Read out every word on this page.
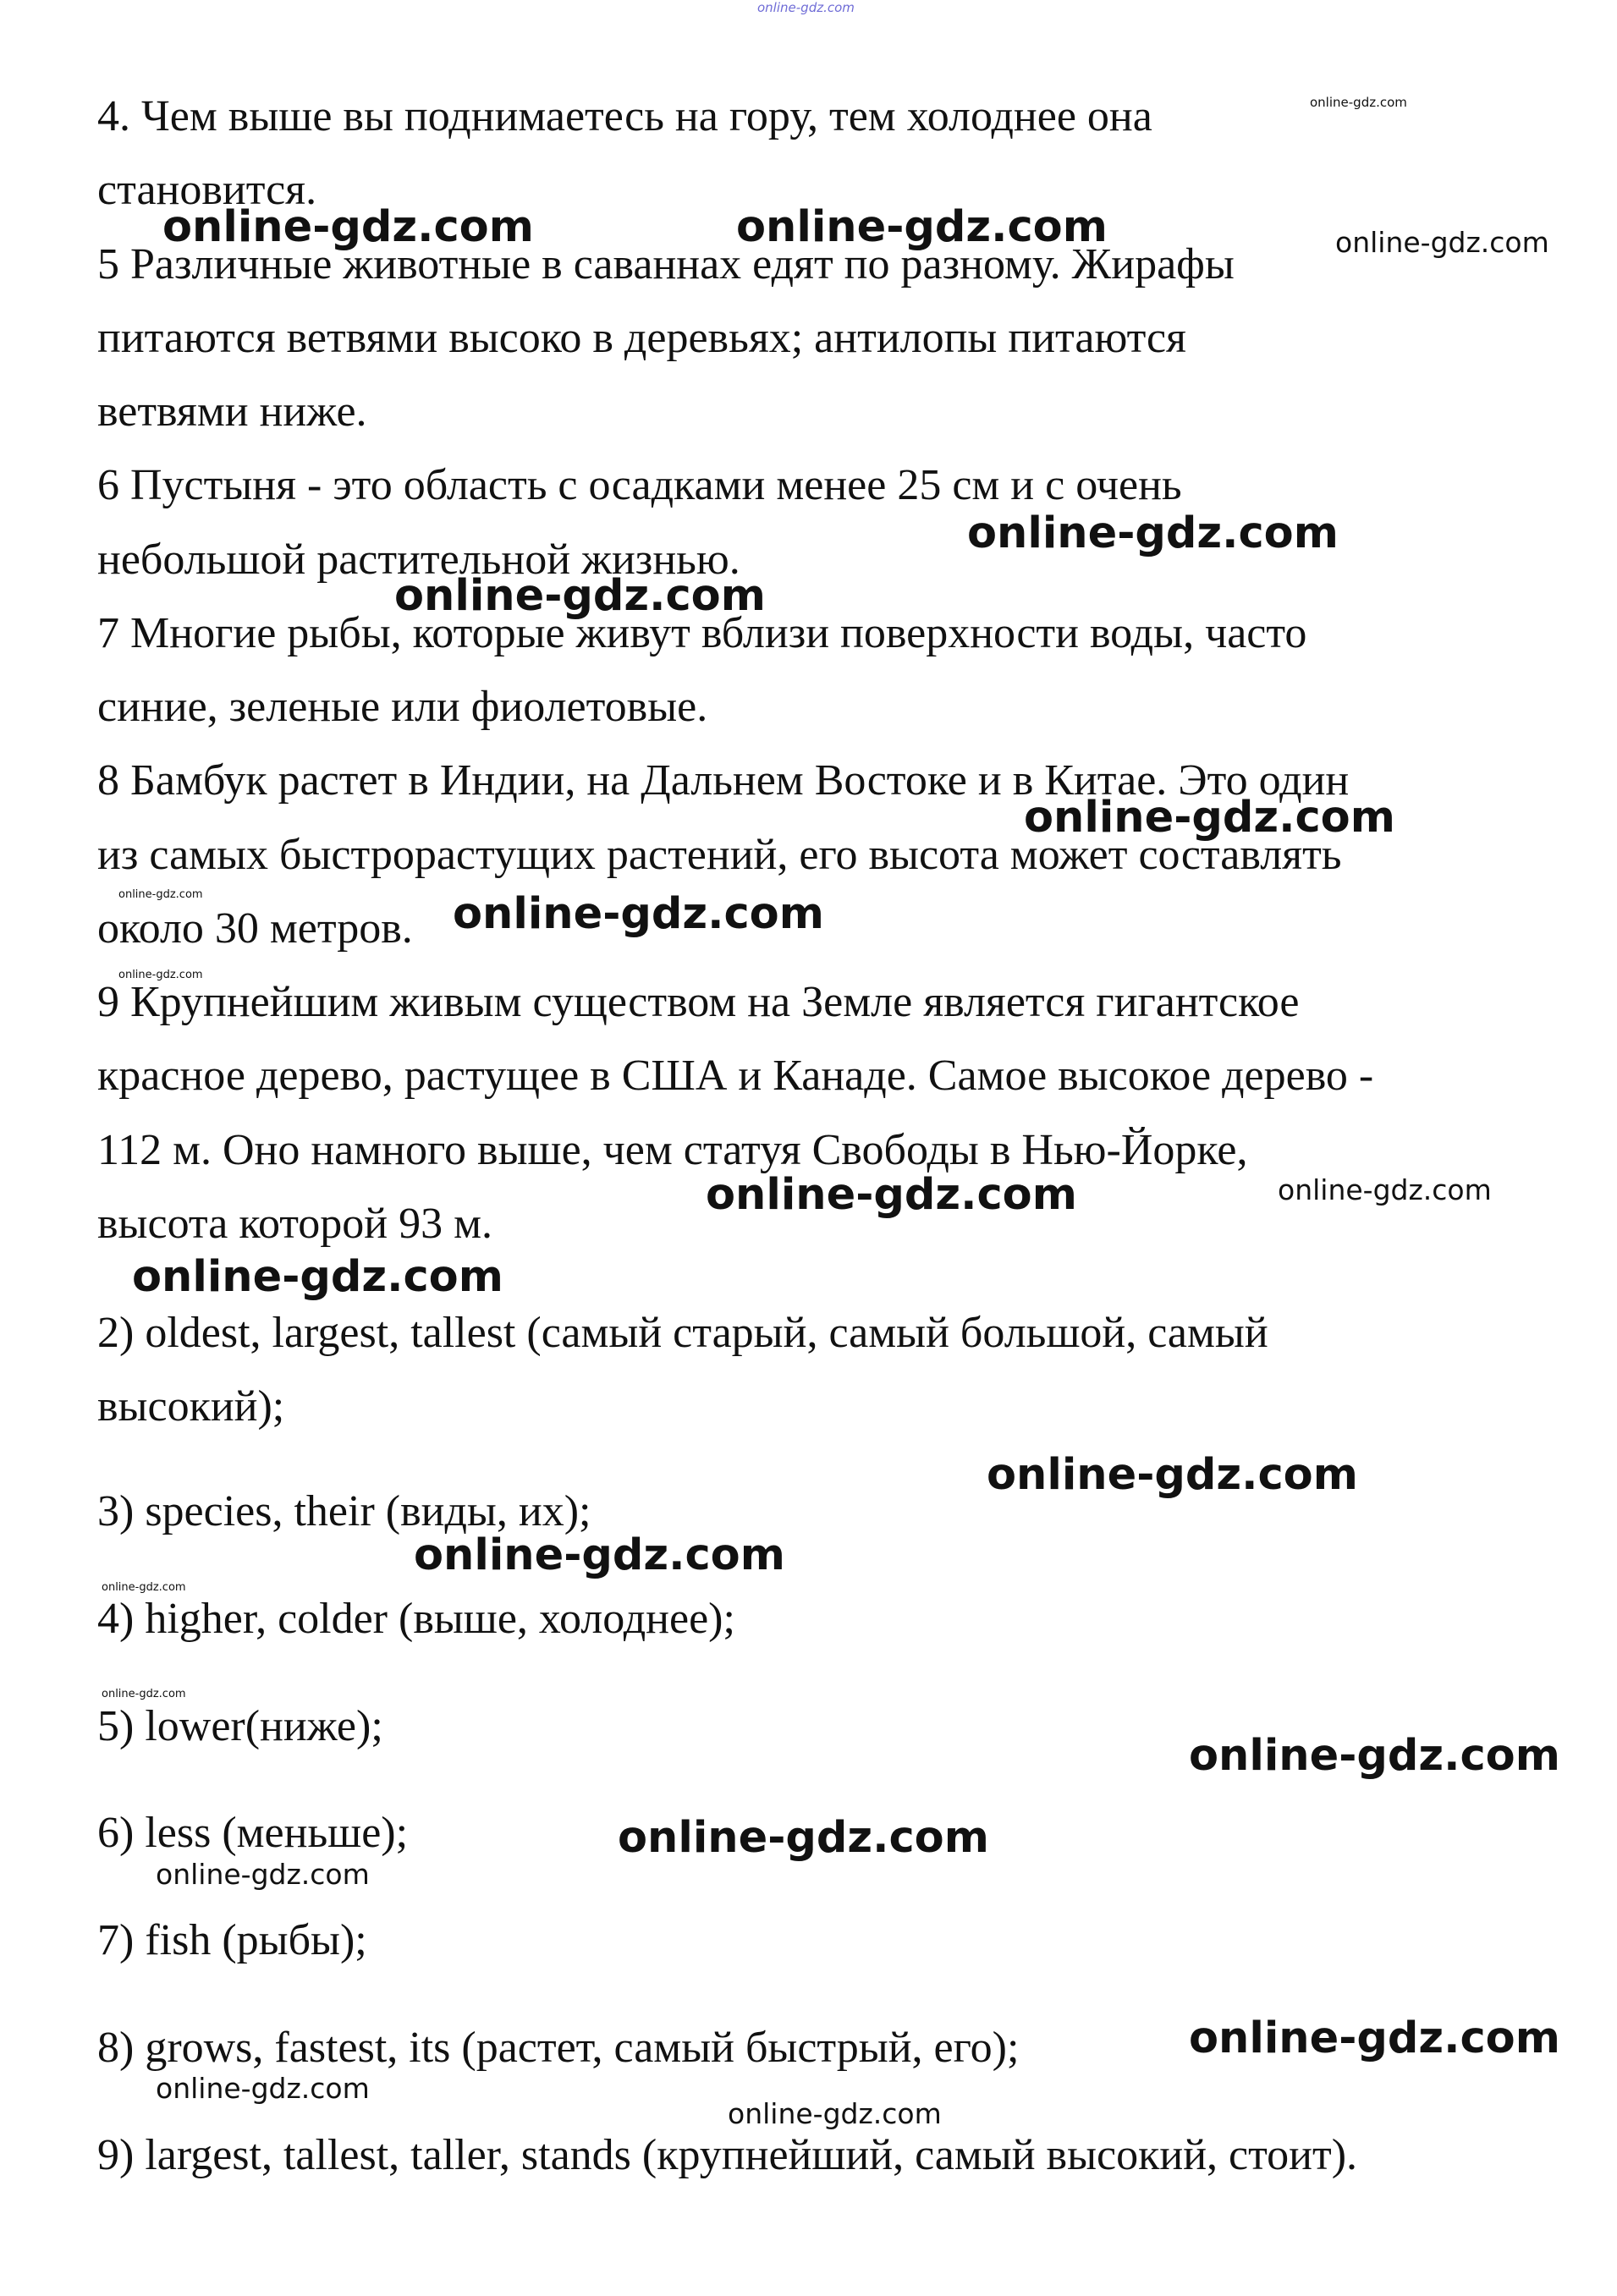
online-gdz.com

4. Чем выше вы поднимаетесь на гору, тем холоднее она

становится.

5 Различные животные в саваннах едят по разному. Жирафы

питаются ветвями высоко в деревьях; антилопы питаются

ветвями ниже.

6 Пустыня - это область с осадками менее 25 см и с очень

небольшой растительной жизнью.

7 Многие рыбы, которые живут вблизи поверхности воды, часто

синие, зеленые или фиолетовые.

8 Бамбук растет в Индии, на Дальнем Востоке и в Китае. Это один

из самых быстрорастущих растений, его высота может составлять

около 30 метров.

9 Крупнейшим живым существом на Земле является гигантское

красное дерево, растущее в США и Канаде. Самое высокое дерево -

112 м. Оно намного выше, чем статуя Свободы в Нью-Йорке,

высота которой 93 м.

2) oldest, largest, tallest (самый старый, самый большой, самый

высокий);

3) species, their (виды, их);

4) higher, colder (выше, холоднее);

5) lower(ниже);

6) less (меньше);

7) fish (рыбы);

8) grows, fastest, its (растет, самый быстрый, его);

9) largest, tallest, taller, stands (крупнейший, самый высокий, стоит).

online-gdz.com
online-gdz.com	online-gdz.com	online-gdz.com
online-gdz.com
online-gdz.com
online-gdz.com
online-gdz.com	online-gdz.com
online-gdz.com
online-gdz.com	online-gdz.com
online-gdz.com
online-gdz.com
online-gdz.com
online-gdz.com
online-gdz.com
online-gdz.com
online-gdz.com
online-gdz.com
online-gdz.com
online-gdz.com
online-gdz.com
